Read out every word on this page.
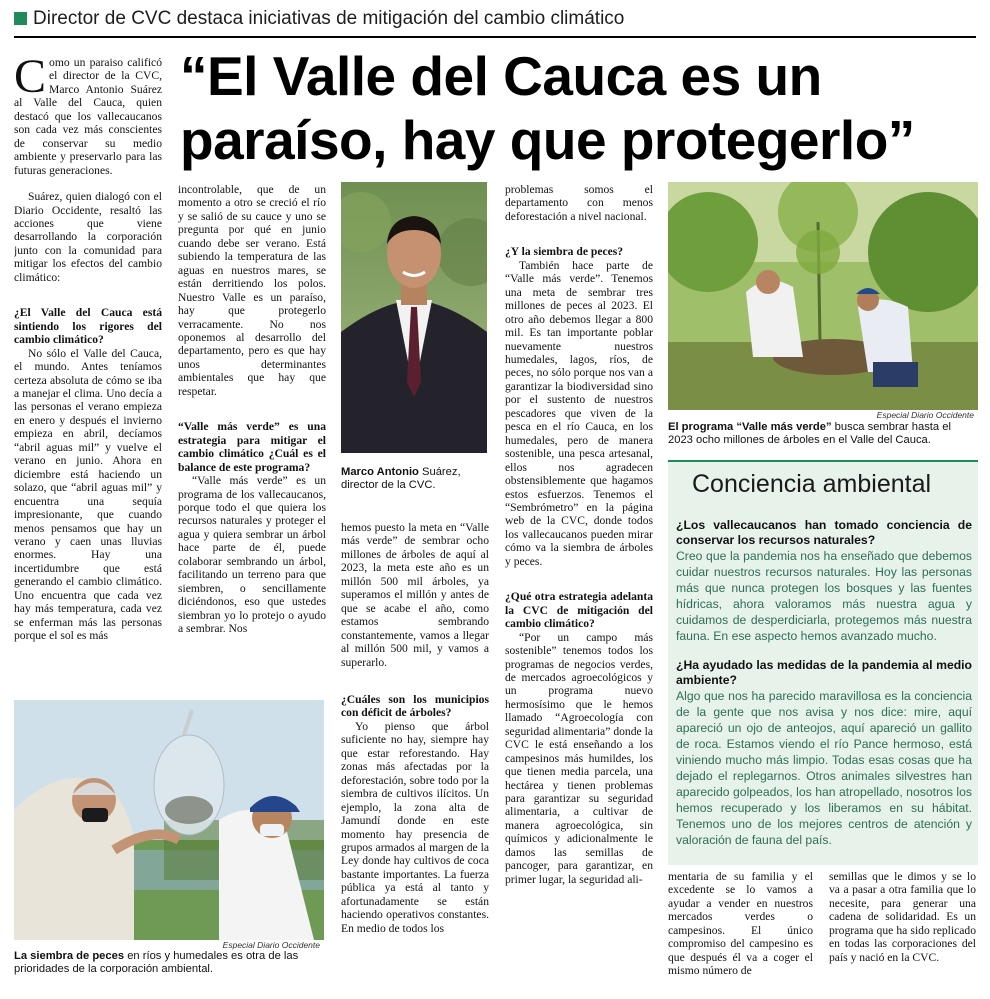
Director de CVC destaca iniciativas de mitigación del cambio climático
“El Valle del Cauca es un
paraíso, hay que protegerlo”

Como un paraiso calificó el director de la CVC, Marco Antonio Suárez al Valle del Cauca, quien destacó que los vallecaucanos son cada vez más conscientes de conservar su medio ambiente y preservarlo para las futuras generaciones.

Suárez, quien dialogó con el Diario Occidente, resaltó las acciones que viene desarrollando la corporación junto con la comunidad para mitigar los efectos del cambio climático:

¿El Valle del Cauca está sintiendo los rigores del cambio climático?

No sólo el Valle del Cauca, el mundo. Antes teníamos certeza absoluta de cómo se iba a manejar el clima. Uno decía a las personas el verano empieza en enero y después el invierno empieza en abril, decíamos “abril aguas mil” y vuelve el verano en junio. Ahora en diciembre está haciendo un solazo, que “abril aguas mil” y encuentra una sequía impresionante, que cuando menos pensamos que hay un verano y caen unas lluvias enormes. Hay una incertidumbre que está generando el cambio climático. Uno encuentra que cada vez hay más temperatura, cada vez se enferman más las personas porque el sol es más

incontrolable, que de un momento a otro se creció el río y se salió de su cauce y uno se pregunta por qué en junio cuando debe ser verano. Está subiendo la temperatura de las aguas en nuestros mares, se están derritiendo los polos. Nuestro Valle es un paraíso, hay que protegerlo verracamente. No nos oponemos al desarrollo del departamento, pero es que hay unos determinantes ambientales que hay que respetar.

“Valle más verde” es una estrategia para mitigar el cambio climático ¿Cuál es el balance de este programa?

“Valle más verde” es un programa de los vallecaucanos, porque todo el que quiera los recursos naturales y proteger el agua y quiera sembrar un árbol hace parte de él, puede colaborar sembrando un árbol, facilitando un terreno para que siembren, o sencillamente diciéndonos, eso que ustedes siembran yo lo protejo o ayudo a sembrar. Nos

Marco Antonio Suárez, director de la CVC.

hemos puesto la meta en “Valle más verde” de sembrar ocho millones de árboles de aquí al 2023, la meta este año es un millón 500 mil árboles, ya superamos el millón y antes de que se acabe el año, como estamos sembrando constantemente, vamos a llegar al millón 500 mil, y vamos a superarlo.

¿Cuáles son los municipios con déficit de árboles?

Yo pienso que árbol suficiente no hay, siempre hay que estar reforestando. Hay zonas más afectadas por la deforestación, sobre todo por la siembra de cultivos ilícitos. Un ejemplo, la zona alta de Jamundí donde en este momento hay presencia de grupos armados al margen de la Ley donde hay cultivos de coca bastante importantes. La fuerza pública ya está al tanto y afortunadamente se están haciendo operativos constantes. En medio de todos los

problemas somos el departamento con menos deforestación a nivel nacional.

¿Y la siembra de peces?

También hace parte de “Valle más verde”. Tenemos una meta de sembrar tres millones de peces al 2023. El otro año debemos llegar a 800 mil. Es tan importante poblar nuevamente nuestros humedales, lagos, ríos, de peces, no sólo porque nos van a garantizar la biodiversidad sino por el sustento de nuestros pescadores que viven de la pesca en el río Cauca, en los humedales, pero de manera sostenible, una pesca artesanal, ellos nos agradecen obstensiblemente que hagamos estos esfuerzos. Tenemos el “Sembrómetro” en la página web de la CVC, donde todos los vallecaucanos pueden mirar cómo va la siembra de árboles y peces.

¿Qué otra estrategia adelanta la CVC de mitigación del cambio climático?

“Por un campo más sostenible” tenemos todos los programas de negocios verdes, de mercados agroecológicos y un programa nuevo hermosísimo que le hemos llamado “Agroecología con seguridad alimentaria” donde la CVC le está enseñando a los campesinos más humildes, los que tienen media parcela, una hectárea y tienen problemas para garantizar su seguridad alimentaria, a cultivar de manera agroecológica, sin químicos y adicionalmente le damos las semillas de pancoger, para garantizar, en primer lugar, la seguridad ali-

Especial Diario Occidente
El programa “Valle más verde” busca sembrar hasta el 2023 ocho millones de árboles en el Valle del Cauca.
Conciencia ambiental

¿Los vallecaucanos han tomado conciencia de conservar los recursos naturales?

Creo que la pandemia nos ha enseñado que debemos cuidar nuestros recursos naturales. Hoy las personas más que nunca protegen los bosques y las fuentes hídricas, ahora valoramos más nuestra agua y cuidamos de desperdiciarla, protegemos más nuestra fauna. En ese aspecto hemos avanzado mucho.

¿Ha ayudado las medidas de la pandemia al medio ambiente?

Algo que nos ha parecido maravillosa es la conciencia de la gente que nos avisa y nos dice: mire, aquí apareció un ojo de anteojos, aquí apareció un gallito de roca. Estamos viendo el río Pance hermoso, está viniendo mucho más limpio. Todas esas cosas que ha dejado el replegarnos. Otros animales silvestres han aparecido golpeados, los han atropellado, nosotros los hemos recuperado y los liberamos en su hábitat. Tenemos uno de los mejores centros de atención y valoración de fauna del país.

mentaria de su familia y el excedente se lo vamos a ayudar a vender en nuestros mercados verdes o campesinos. El único compromiso del campesino es que después él va a coger el mismo número de

semillas que le dimos y se lo va a pasar a otra familia que lo necesite, para generar una cadena de solidaridad. Es un programa que ha sido replicado en todas las corporaciones del país y nació en la CVC.

Especial Diario Occidente
La siembra de peces en ríos y humedales es otra de las prioridades de la corporación ambiental.
